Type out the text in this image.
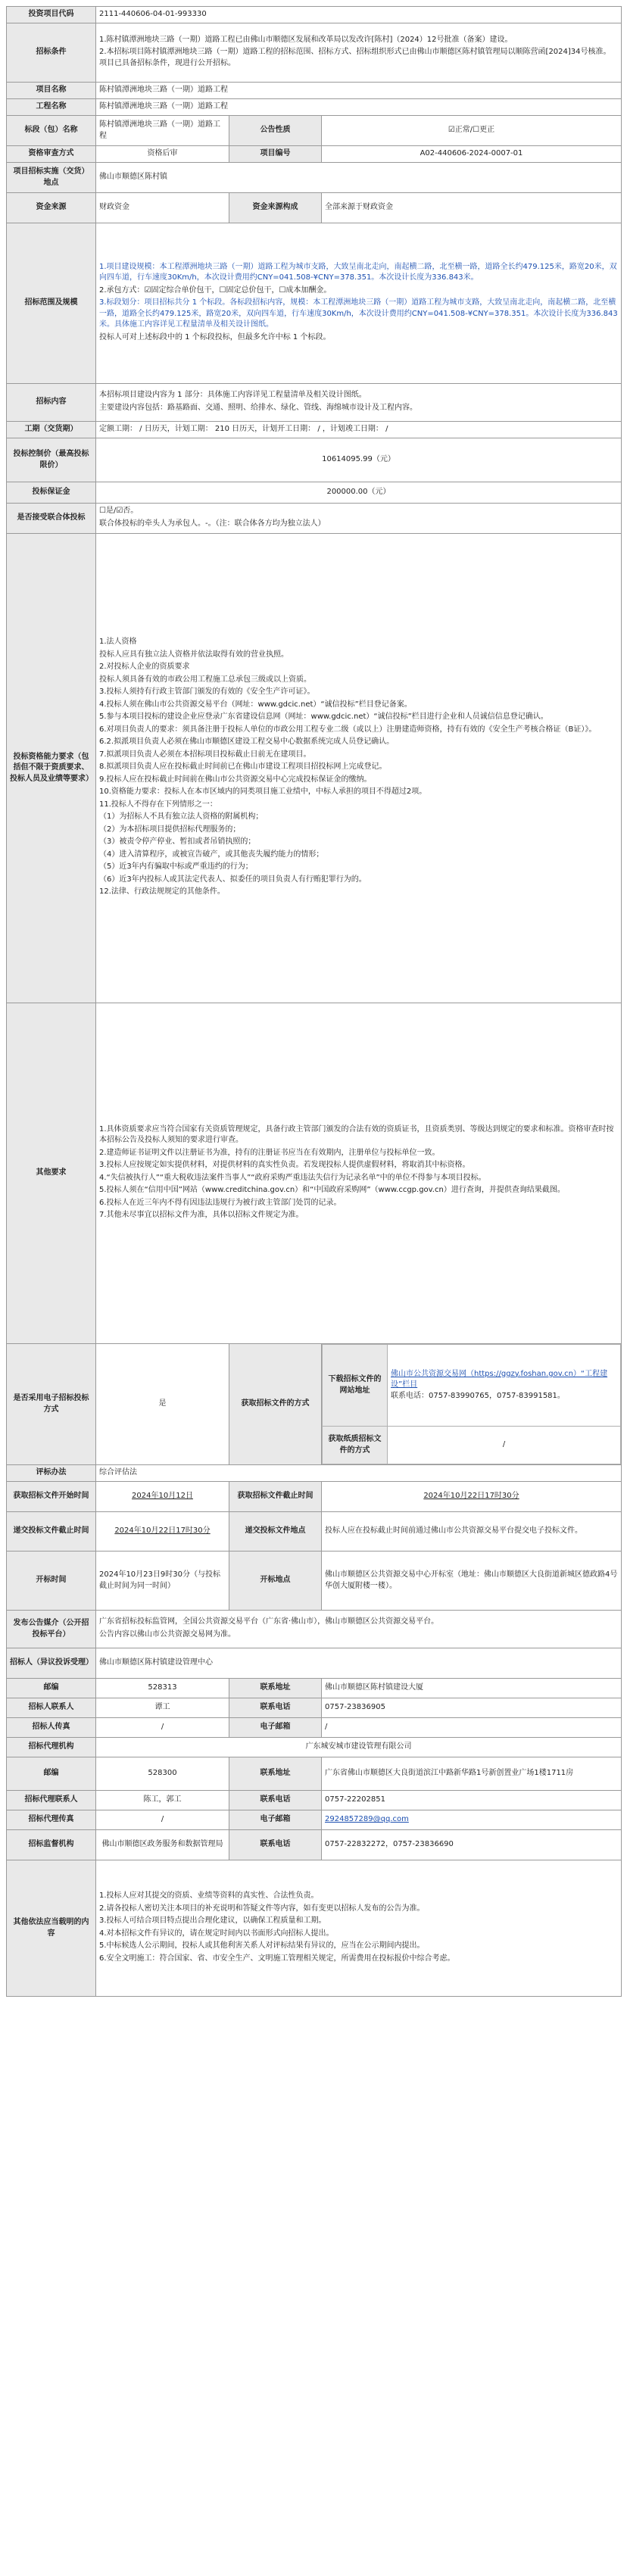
投资项目代码	2111-440606-04-01-993330
招标条件	

1.陈村镇潭洲地块三路（一期）道路工程已由佛山市顺德区发展和改革局以发改许[陈村]（2024）12号批准（备案）建设。

2.本招标项目陈村镇潭洲地块三路（一期）道路工程的招标范围、招标方式、招标组织形式已由佛山市顺德区陈村镇管理局以顺陈营函[2024]34号核准。项目已具备招标条件，现进行公开招标。

项目名称	陈村镇潭洲地块三路（一期）道路工程
工程名称	陈村镇潭洲地块三路（一期）道路工程
标段（包）名称	陈村镇潭洲地块三路（一期）道路工程	公告性质	☑正常/☐更正
资格审查方式	资格后审	项目编号	A02-440606-2024-0007-01
项目招标实施（交货）地点	佛山市顺德区陈村镇
资金来源	财政资金	资金来源构成	全部来源于财政资金
招标范围及规模	

1.项目建设规模：本工程潭洲地块三路（一期）道路工程为城市支路，大致呈南北走向，南起横二路，北至横一路，道路全长约479.125米，路宽20米，双向四车道，行车速度30Km/h，本次设计费用约CNY=041.508-¥CNY=378.351。本次设计长度为336.843米。

2.承包方式：☑固定综合单价包干，☐固定总价包干，☐成本加酬金。

3.标段划分：项目招标共分 1 个标段。各标段招标内容，规模：本工程潭洲地块三路（一期）道路工程为城市支路，大致呈南北走向，南起横二路，北至横一路，道路全长约479.125米，路宽20米，双向四车道，行车速度30Km/h，本次设计费用约CNY=041.508-¥CNY=378.351。本次设计长度为336.843米。具体施工内容详见工程量清单及相关设计图纸。

投标人可对上述标段中的 1 个标段投标，但最多允许中标 1 个标段。

招标内容	

本招标项目建设内容为 1 部分：具体施工内容详见工程量清单及相关设计图纸。

主要建设内容包括：路基路面、交通、照明、给排水、绿化、管线、海绵城市设计及工程内容。

工期（交货期）	定额工期： / 日历天，计划工期： 210 日历天，计划开工日期： / ，计划竣工日期： /
投标控制价（最高投标限价）	10614095.99（元）
投标保证金	200000.00（元）
是否接受联合体投标	

☐是/☑否。

联合体投标的牵头人为承包人。-。（注：联合体各方均为独立法人）

投标资格能力要求（包括但不限于资质要求、投标人员及业绩等要求）	

1.法人资格

投标人应具有独立法人资格并依法取得有效的营业执照。

2.对投标人企业的资质要求

投标人须具备有效的市政公用工程施工总承包三级或以上资质。

3.投标人须持有行政主管部门颁发的有效的《安全生产许可证》。

4.投标人须在佛山市公共资源交易平台（网址：www.gdcic.net）“诚信投标”栏目登记备案。

5.参与本项目投标的建设企业应登录广东省建设信息网（网址：www.gdcic.net）“诚信投标”栏目进行企业和人员诚信信息登记确认。

6.对项目负责人的要求：须具备注册于投标人单位的市政公用工程专业二级（或以上）注册建造师资格，持有有效的《安全生产考核合格证（B证）》。

6.2.拟派项目负责人必须在佛山市顺德区建设工程交易中心数据系统完成人员登记确认。

7.拟派项目负责人必须在本招标项目投标截止日前无在建项目。

8.拟派项目负责人应在投标截止时间前已在佛山市建设工程项目招投标网上完成登记。

9.投标人应在投标截止时间前在佛山市公共资源交易中心完成投标保证金的缴纳。

10.资格能力要求：投标人在本市区域内的同类项目施工业绩中，中标人承担的项目不得超过2项。

11.投标人不得存在下列情形之一：

（1）为招标人不具有独立法人资格的附属机构；

（2）为本招标项目提供招标代理服务的；

（3）被责令停产停业、暂扣或者吊销执照的；

（4）进入清算程序，或被宣告破产，或其他丧失履约能力的情形；

（5）近3年内有骗取中标或严重违约的行为；

（6）近3年内投标人或其法定代表人、拟委任的项目负责人有行贿犯罪行为的。

12.法律、行政法规规定的其他条件。

其他要求	

1.具体资质要求应当符合国家有关资质管理规定，具备行政主管部门颁发的合法有效的资质证书，且资质类别、等级达到规定的要求和标准。资格审查时按本招标公告及投标人须知的要求进行审查。

2.建造师证书证明文件以注册证书为准，持有的注册证书应当在有效期内，注册单位与投标单位一致。

3.投标人应按规定如实提供材料，对提供材料的真实性负责。若发现投标人提供虚假材料，将取消其中标资格。

4.“失信被执行人”“重大税收违法案件当事人”“政府采购严重违法失信行为记录名单”中的单位不得参与本项目投标。

5.投标人须在“信用中国”网站（www.creditchina.gov.cn）和“中国政府采购网”（www.ccgp.gov.cn）进行查询，并提供查询结果截图。

6.投标人在近三年内不得有因违法违规行为被行政主管部门处罚的记录。

7.其他未尽事宜以招标文件为准，具体以招标文件规定为准。

是否采用电子招标投标方式	是	获取招标文件的方式	
下载招标文件的网站地址	
佛山市公共资源交易网（https://ggzy.foshan.gov.cn）“工程建设”栏目
联系电话：0757-83990765，0757-83991581。

获取纸质招标文件的方式	/

评标办法	综合评估法
获取招标文件开始时间	2024年10月12日	获取招标文件截止时间	2024年10月22日17时30分
递交投标文件截止时间	2024年10月22日17时30分	递交投标文件地点	投标人应在投标截止时间前通过佛山市公共资源交易平台提交电子投标文件。
开标时间	2024年10月23日9时30分（与投标截止时间为同一时间）	开标地点	佛山市顺德区公共资源交易中心开标室（地址：佛山市顺德区大良街道新城区德政路4号华创大厦附楼一楼）。
发布公告媒介（公开招投标平台）	

广东省招标投标监管网，全国公共资源交易平台（广东省·佛山市），佛山市顺德区公共资源交易平台。

公告内容以佛山市公共资源交易网为准。

招标人（异议投诉受理）	佛山市顺德区陈村镇建设管理中心
邮编	528313	联系地址	佛山市顺德区陈村镇建设大厦
招标人联系人	谭工	联系电话	0757-23836905
招标人传真	/	电子邮箱	/
招标代理机构	广东城安城市建设管理有限公司
邮编	528300	联系地址	广东省佛山市顺德区大良街道滨江中路新华路1号新创置业广场1楼1711房
招标代理联系人	陈工，郭工	联系电话	0757-22202851
招标代理传真	/	电子邮箱	2924857289@qq.com
招标监督机构	佛山市顺德区政务服务和数据管理局	联系电话	0757-22832272，0757-23836690
其他依法应当载明的内容	

1.投标人应对其提交的资质、业绩等资料的真实性、合法性负责。

2.请各投标人密切关注本项目的补充说明和答疑文件等内容，如有变更以招标人发布的公告为准。

3.投标人可结合项目特点提出合理化建议，以确保工程质量和工期。

4.对本招标文件有异议的，请在规定时间内以书面形式向招标人提出。

5.中标候选人公示期间，投标人或其他利害关系人对评标结果有异议的，应当在公示期间内提出。

6.安全文明施工：符合国家、省、市安全生产、文明施工管理相关规定，所需费用在投标报价中综合考虑。
